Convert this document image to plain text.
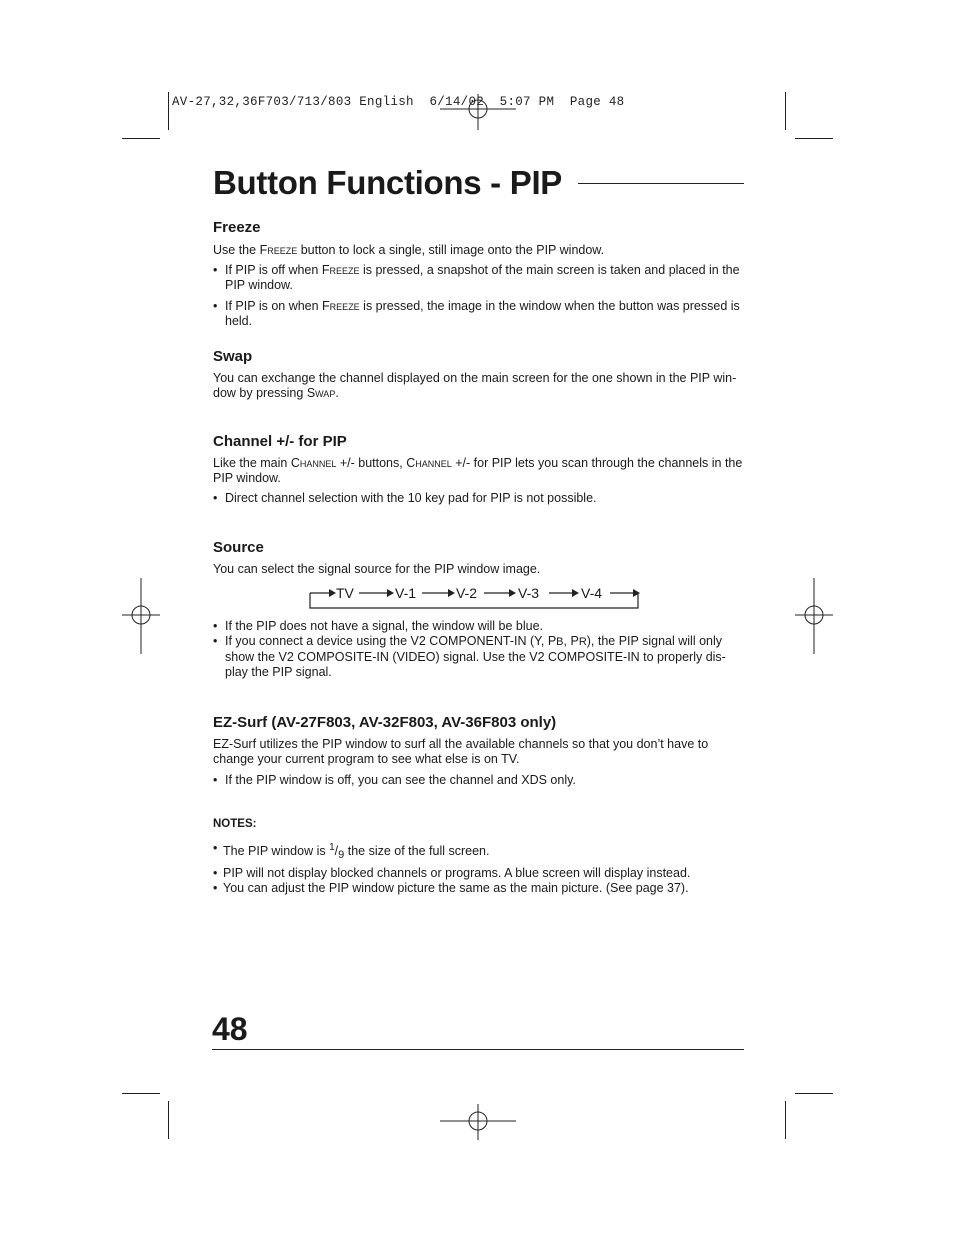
AV-27,32,36F703/713/803 English  6/14/02  5:07 PM  Page 48
Button Functions - PIP
Freeze

Use the Freeze button to lock a single, still image onto the PIP window.

• If PIP is off when Freeze is pressed, a snapshot of the main screen is taken and placed in the PIP window.
• If PIP is on when Freeze is pressed, the image in the window when the button was pressed is held.
Swap

You can exchange the channel displayed on the main screen for the one shown in the PIP win-dow by pressing Swap.

Channel +/- for PIP

Like the main Channel +/- buttons, Channel +/- for PIP lets you scan through the channels in the PIP window.

• Direct channel selection with the 10 key pad for PIP is not possible.
Source

You can select the signal source for the PIP window image.

TV	V-1	V-2	V-3	V-4
• If the PIP does not have a signal, the window will be blue.
• If you connect a device using the V2 COMPONENT-IN (Y, PB, PR), the PIP signal will only show the V2 COMPOSITE-IN (VIDEO) signal. Use the V2 COMPOSITE-IN to properly dis-play the PIP signal.
EZ-Surf (AV-27F803, AV-32F803, AV-36F803 only)

EZ-Surf utilizes the PIP window to surf all the available channels so that you don’t have to change your current program to see what else is on TV.

• If the PIP window is off, you can see the channel and XDS only.
NOTES:
• The PIP window is $^1$/9 the size of the full screen.
• PIP will not display blocked channels or programs. A blue screen will display instead.
• You can adjust the PIP window picture the same as the main picture. (See page 37).
48
